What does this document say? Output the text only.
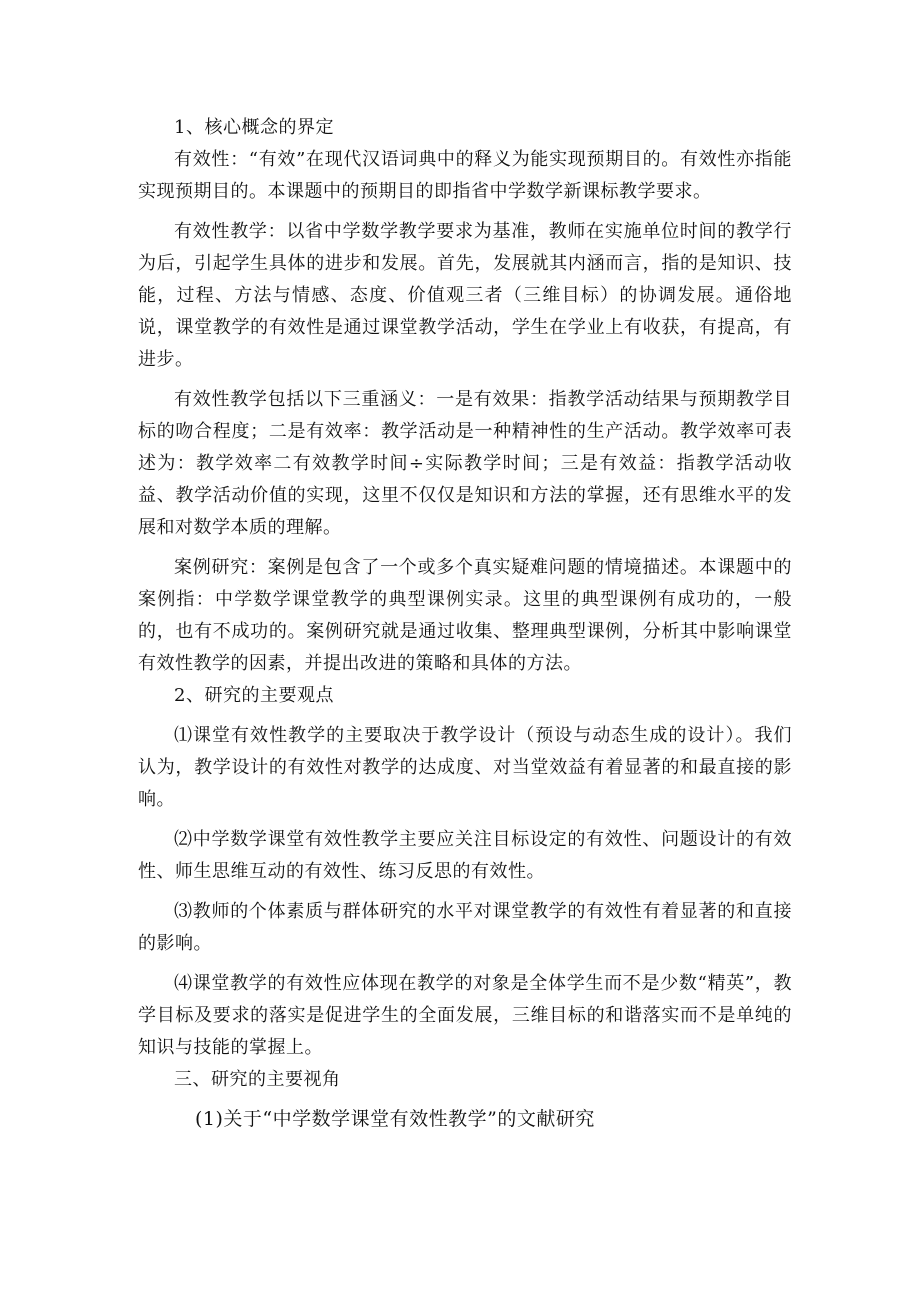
1、核心概念的界定

有效性：“有效”在现代汉语词典中的释义为能实现预期目的。有效性亦指能实现预期目的。本课题中的预期目的即指省中学数学新课标教学要求。

有效性教学：以省中学数学教学要求为基准，教师在实施单位时间的教学行为后，引起学生具体的进步和发展。首先，发展就其内涵而言，指的是知识、技能，过程、方法与情感、态度、价值观三者（三维目标）的协调发展。通俗地说，课堂教学的有效性是通过课堂教学活动，学生在学业上有收获，有提高，有进步。

有效性教学包括以下三重涵义：一是有效果：指教学活动结果与预期教学目标的吻合程度；二是有效率：教学活动是一种精神性的生产活动。教学效率可表述为：教学效率二有效教学时间÷实际教学时间；三是有效益：指教学活动收益、教学活动价值的实现，这里不仅仅是知识和方法的掌握，还有思维水平的发展和对数学本质的理解。

案例研究：案例是包含了一个或多个真实疑难问题的情境描述。本课题中的案例指：中学数学课堂教学的典型课例实录。这里的典型课例有成功的，一般的，也有不成功的。案例研究就是通过收集、整理典型课例，分析其中影响课堂有效性教学的因素，并提出改进的策略和具体的方法。

2、研究的主要观点

⑴课堂有效性教学的主要取决于教学设计（预设与动态生成的设计）。我们认为，教学设计的有效性对教学的达成度、对当堂效益有着显著的和最直接的影响。

⑵中学数学课堂有效性教学主要应关注目标设定的有效性、问题设计的有效性、师生思维互动的有效性、练习反思的有效性。

⑶教师的个体素质与群体研究的水平对课堂教学的有效性有着显著的和直接的影响。

⑷课堂教学的有效性应体现在教学的对象是全体学生而不是少数“精英”，教学目标及要求的落实是促进学生的全面发展，三维目标的和谐落实而不是单纯的知识与技能的掌握上。

三、研究的主要视角

(1)关于“中学数学课堂有效性教学”的文献研究
